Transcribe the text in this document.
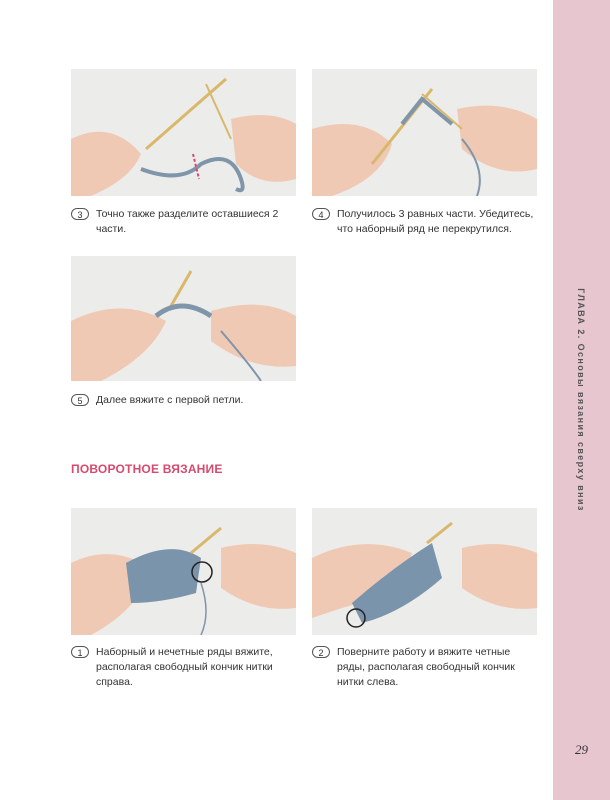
3	Точно также разделите оставшиеся 2 части.
4	Получилось 3 равных части. Убедитесь, что наборный ряд не перекрутился.
5	Далее вяжите с первой петли.
ПОВОРОТНОЕ ВЯЗАНИЕ
1	Наборный и нечетные ряды вяжите, располагая свободный кончик нитки справа.
2	Поверните работу и вяжите четные ряды, располагая свободный кончик нитки слева.
ГЛАВА 2. Основы вязания сверху вниз
29
